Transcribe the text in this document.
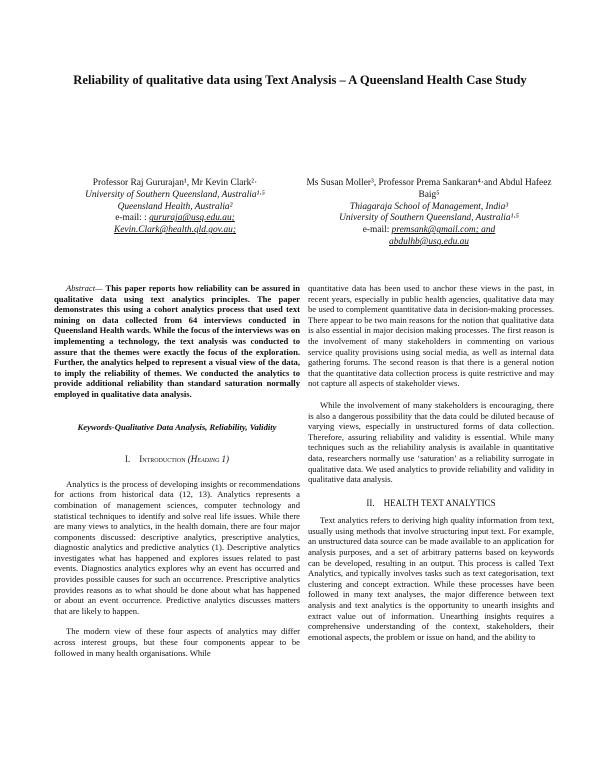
Reliability of qualitative data using Text Analysis – A Queensland Health Case Study
Professor Raj Gururajan¹, Mr Kevin Clark²·
University of Southern Queensland, Australia¹·⁵
Queensland Health, Australia²
e-mail: : gururaja@usq.edu.au;
Kevin.Clark@health.qld.gov.au;
Ms Susan Moller³, Professor Prema Sankaran⁴·and Abdul Hafeez Baig⁵
Thiagaraja School of Management, India³
University of Southern Queensland, Australia¹·⁵
e-mail: premsank@gmail.com; and
abdulhb@usq.edu.au

Abstract— This paper reports how reliability can be assured in qualitative data using text analytics principles. The paper demonstrates this using a cohort analytics process that used text mining on data collected from 64 interviews conducted in Queensland Health wards. While the focus of the interviews was on implementing a technology, the text analysis was conducted to assure that the themes were exactly the focus of the exploration. Further, the analytics helped to represent a visual view of the data, to imply the reliability of themes. We conducted the analytics to provide additional reliability than standard saturation normally employed in qualitative data analysis.

Keywords-Qualitative Data Analysis, Reliability, Validity

I. Introduction (Heading 1)

Analytics is the process of developing insights or recommendations for actions from historical data (12, 13). Analytics represents a combination of management sciences, computer technology and statistical techniques to identify and solve real life issues. While there are many views to analytics, in the health domain, there are four major components discussed: descriptive analytics, prescriptive analytics, diagnostic analytics and predictive analytics (1). Descriptive analytics investigates what has happened and explores issues related to past events. Diagnostics analytics explores why an event has occurred and provides possible causes for such an occurrence. Prescriptive analytics provides reasons as to what should be done about what has happened or about an event occurrence. Predictive analytics discusses matters that are likely to happen.

The modern view of these four aspects of analytics may differ across interest groups, but these four components appear to be followed in many health organisations. While

quantitative data has been used to anchor these views in the past, in recent years, especially in public health agencies, qualitative data may be used to complement quantitative data in decision-making processes. There appear to be two main reasons for the notion that qualitative data is also essential in major decision making processes. The first reason is the involvement of many stakeholders in commenting on various service quality provisions using social media, as well as internal data gathering forums. The second reason is that there is a general notion that the quantitative data collection process is quite restrictive and may not capture all aspects of stakeholder views.

While the involvement of many stakeholders is encouraging, there is also a dangerous possibility that the data could be diluted because of varying views, especially in unstructured forms of data collection. Therefore, assuring reliability and validity is essential. While many techniques such as the reliability analysis is available in quantitative data, researchers normally use ‘saturation’ as a reliability surrogate in qualitative data. We used analytics to provide reliability and validity in qualitative data analysis.

II. HEALTH TEXT ANALYTICS

Text analytics refers to deriving high quality information from text, usually using methods that involve structuring input text. For example, an unstructured data source can be made available to an application for analysis purposes, and a set of arbitrary patterns based on keywords can be developed, resulting in an output. This process is called Text Analytics, and typically involves tasks such as text categorisation, text clustering and concept extraction. While these processes have been followed in many text analyses, the major difference between text analysis and text analytics is the opportunity to unearth insights and extract value out of information. Unearthing insights requires a comprehensive understanding of the context, stakeholders, their emotional aspects, the problem or issue on hand, and the ability to
